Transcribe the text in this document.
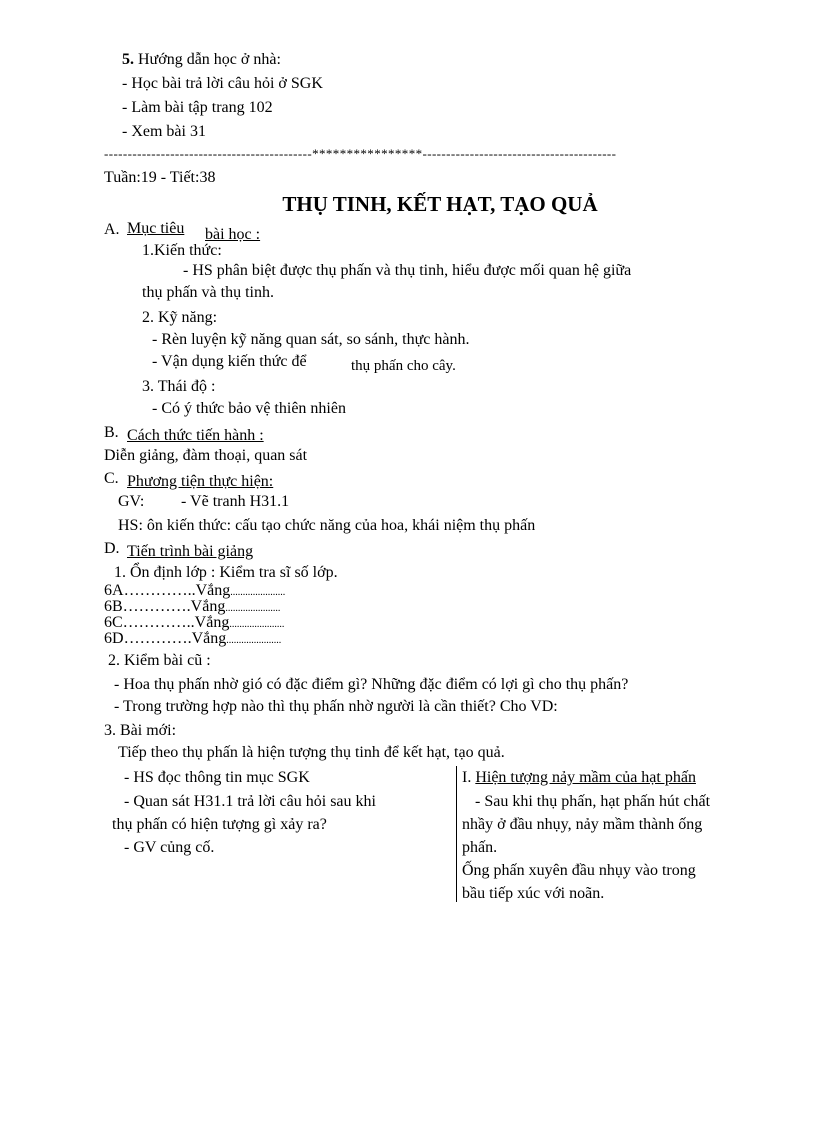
5. Hướng dẫn học ở nhà:
- Học bài trả lời câu hỏi ở SGK
- Làm bài tập trang 102
- Xem bài 31
--------------------------------------------****************-----------------------------------------
Tuần:19 - Tiết:38
THỤ TINH, KẾT HẠT, TẠO QUẢ
A. Mục tiêu bài học :
1.Kiến thức:
- HS phân biệt được thụ phấn và thụ tinh, hiểu được mối quan hệ giữa
thụ phấn và thụ tinh.
2. Kỹ năng:
- Rèn luyện kỹ năng quan sát, so sánh, thực hành.
- Vận dụng kiến thức để	thụ phấn cho cây.
3. Thái độ :
- Có ý thức bảo vệ thiên nhiên
B. Cách thức tiến hành :
Diễn giảng, đàm thoại, quan sát
C. Phương tiện thực hiện:
GV: - Vẽ tranh H31.1
HS: ôn kiến thức: cấu tạo chức năng của hoa, khái niệm thụ phấn
D. Tiến trình bài giảng
1. Ổn định lớp : Kiểm tra sĩ số lớp.
6A…………..Vắng......................
6B………….Vắng......................
6C…………..Vắng......................
6D………….Vắng......................
2. Kiểm bài cũ :
- Hoa thụ phấn nhờ gió có đặc điểm gì? Những đặc điểm có lợi gì cho thụ phấn?
- Trong trường hợp nào thì thụ phấn nhờ người là cần thiết? Cho VD:
3. Bài mới:
Tiếp theo thụ phấn là hiện tượng thụ tinh để kết hạt, tạo quả.
- HS đọc thông tin mục SGK
- Quan sát H31.1 trả lời câu hỏi sau khi
thụ phấn có hiện tượng gì xảy ra?
- GV củng cố.
I. Hiện tượng nảy mầm của hạt phấn
- Sau khi thụ phấn, hạt phấn hút chất
nhầy ở đầu nhụy, nảy mầm thành ống
phấn.
Ống phấn xuyên đầu nhụy vào trong
bầu tiếp xúc với noãn.
